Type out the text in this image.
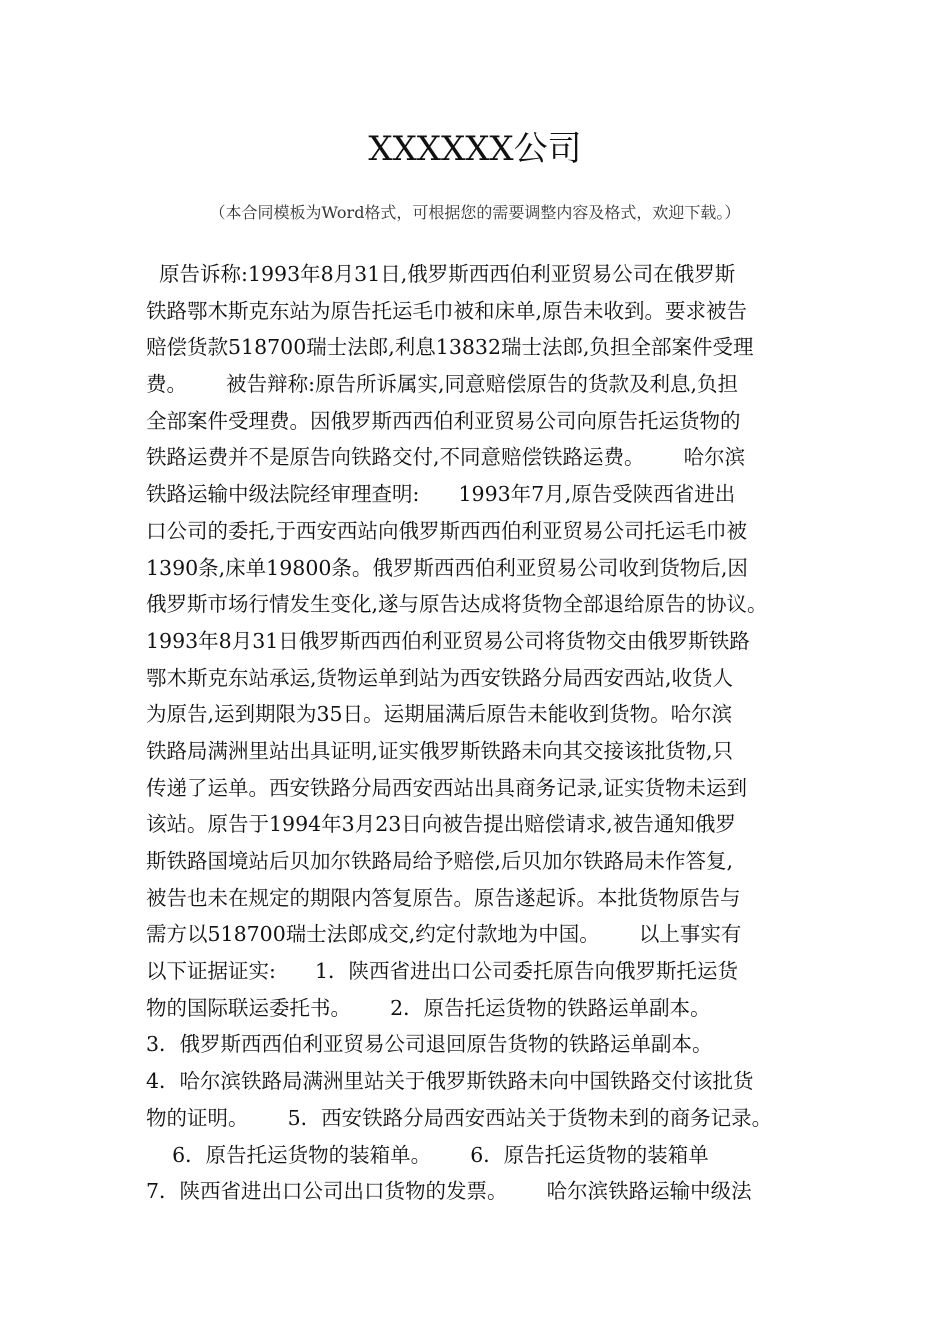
XXXXXX公司
（本合同模板为Word格式，可根据您的需要调整内容及格式，欢迎下载。）
原告诉称:1993年8月31日,俄罗斯西西伯利亚贸易公司在俄罗斯
铁路鄂木斯克东站为原告托运毛巾被和床单,原告未收到。要求被告
赔偿货款518700瑞士法郎,利息13832瑞士法郎,负担全部案件受理
费。      被告辩称:原告所诉属实,同意赔偿原告的货款及利息,负担
全部案件受理费。因俄罗斯西西伯利亚贸易公司向原告托运货物的
铁路运费并不是原告向铁路交付,不同意赔偿铁路运费。      哈尔滨
铁路运输中级法院经审理查明:      1993年7月,原告受陕西省进出
口公司的委托,于西安西站向俄罗斯西西伯利亚贸易公司托运毛巾被
1390条,床单19800条。俄罗斯西西伯利亚贸易公司收到货物后,因
俄罗斯市场行情发生变化,遂与原告达成将货物全部退给原告的协议。
1993年8月31日俄罗斯西西伯利亚贸易公司将货物交由俄罗斯铁路
鄂木斯克东站承运,货物运单到站为西安铁路分局西安西站,收货人
为原告,运到期限为35日。运期届满后原告未能收到货物。哈尔滨
铁路局满洲里站出具证明,证实俄罗斯铁路未向其交接该批货物,只
传递了运单。西安铁路分局西安西站出具商务记录,证实货物未运到
该站。原告于1994年3月23日向被告提出赔偿请求,被告通知俄罗
斯铁路国境站后贝加尔铁路局给予赔偿,后贝加尔铁路局未作答复,
被告也未在规定的期限内答复原告。原告遂起诉。本批货物原告与
需方以518700瑞士法郎成交,约定付款地为中国。      以上事实有
以下证据证实:      1．陕西省进出口公司委托原告向俄罗斯托运货
物的国际联运委托书。      2．原告托运货物的铁路运单副本。
3．俄罗斯西西伯利亚贸易公司退回原告货物的铁路运单副本。
4．哈尔滨铁路局满洲里站关于俄罗斯铁路未向中国铁路交付该批货
物的证明。      5．西安铁路分局西安西站关于货物未到的商务记录。
6．原告托运货物的装箱单。      6．原告托运货物的装箱单
7．陕西省进出口公司出口货物的发票。      哈尔滨铁路运输中级法
